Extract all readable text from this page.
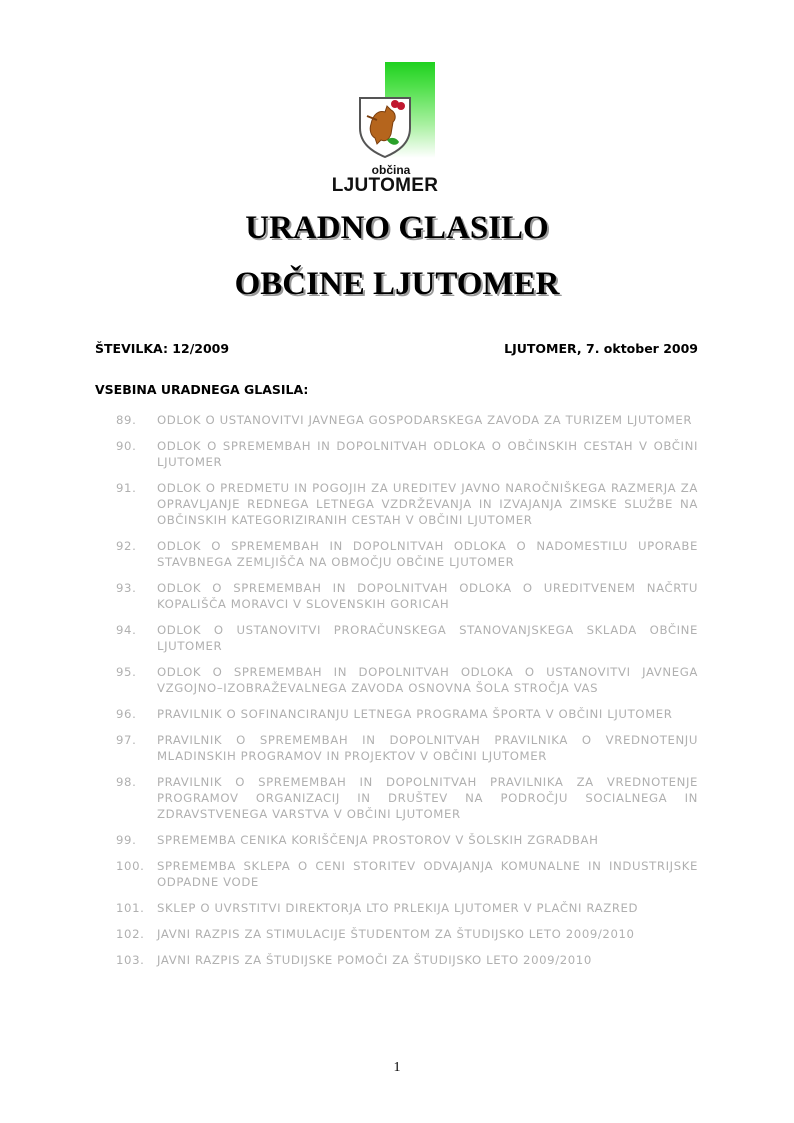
občina
LJUTOMER
URADNO GLASILO
OBČINE LJUTOMER
ŠTEVILKA: 12/2009	LJUTOMER, 7. oktober 2009
VSEBINA URADNEGA GLASILA:
89.	ODLOK O USTANOVITVI JAVNEGA GOSPODARSKEGA ZAVODA ZA TURIZEM LJUTOMER
90.	ODLOK O SPREMEMBAH IN DOPOLNITVAH ODLOKA O OBČINSKIH CESTAH V OBČINI LJUTOMER
91.	ODLOK O PREDMETU IN POGOJIH ZA UREDITEV JAVNO NAROČNIŠKEGA RAZMERJA ZA OPRAVLJANJE REDNEGA LETNEGA VZDRŽEVANJA IN IZVAJANJA ZIMSKE SLUŽBE NA OBČINSKIH KATEGORIZIRANIH CESTAH V OBČINI LJUTOMER
92.	ODLOK O SPREMEMBAH IN DOPOLNITVAH ODLOKA O NADOMESTILU UPORABE STAVBNEGA ZEMLJIŠČA NA OBMOČJU OBČINE LJUTOMER
93.	ODLOK O SPREMEMBAH IN DOPOLNITVAH ODLOKA O UREDITVENEM NAČRTU KOPALIŠČA MORAVCI V SLOVENSKIH GORICAH
94.	ODLOK O USTANOVITVI PRORAČUNSKEGA STANOVANJSKEGA SKLADA OBČINE LJUTOMER
95.	ODLOK O SPREMEMBAH IN DOPOLNITVAH ODLOKA O USTANOVITVI JAVNEGA VZGOJNO–IZOBRAŽEVALNEGA ZAVODA OSNOVNA ŠOLA STROČJA VAS
96.	PRAVILNIK O SOFINANCIRANJU LETNEGA PROGRAMA ŠPORTA V OBČINI LJUTOMER
97.	PRAVILNIK O SPREMEMBAH IN DOPOLNITVAH PRAVILNIKA O VREDNOTENJU MLADINSKIH PROGRAMOV IN PROJEKTOV V OBČINI LJUTOMER
98.	PRAVILNIK O SPREMEMBAH IN DOPOLNITVAH PRAVILNIKA ZA VREDNOTENJE PROGRAMOV ORGANIZACIJ IN DRUŠTEV NA PODROČJU SOCIALNEGA IN ZDRAVSTVENEGA VARSTVA V OBČINI LJUTOMER
99.	SPREMEMBA CENIKA KORIŠČENJA PROSTOROV V ŠOLSKIH ZGRADBAH
100.	SPREMEMBA SKLEPA O CENI STORITEV ODVAJANJA KOMUNALNE IN INDUSTRIJSKE ODPADNE VODE
101.	SKLEP O UVRSTITVI DIREKTORJA LTO PRLEKIJA LJUTOMER V PLAČNI RAZRED
102.	JAVNI RAZPIS ZA STIMULACIJE ŠTUDENTOM ZA ŠTUDIJSKO LETO 2009/2010
103.	JAVNI RAZPIS ZA ŠTUDIJSKE POMOČI ZA ŠTUDIJSKO LETO 2009/2010
1
